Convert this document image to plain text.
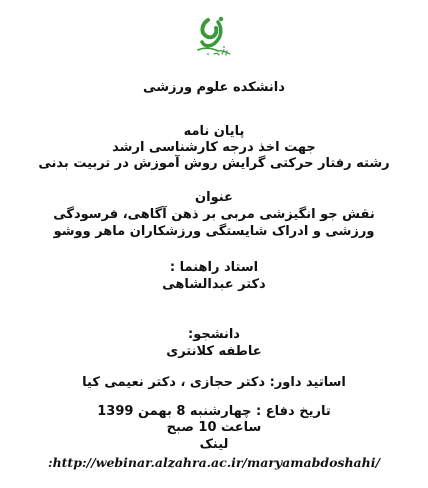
دانشکده علوم ورزشی
پایان نامه
جهت اخذ درجه کارشناسی ارشد
رشته رفتار حرکتی گرایش روش آموزش در تربیت بدنی
عنوان
نقش جو انگیزشی مربی بر ذهن آگاهی، فرسودگی
ورزشی و ادراک شایستگی ورزشکاران ماهر ووشو
استاد راهنما :
دکتر عبدالشاهی
دانشجو:
عاطفه کلانتری
اساتید داور: دکتر حجازی ، دکتر نعیمی کیا
تاریخ دفاع : چهارشنبه 8 بهمن 1399
ساعت 10 صبح
لینک
:http://webinar.alzahra.ac.ir/maryamabdoshahi/
